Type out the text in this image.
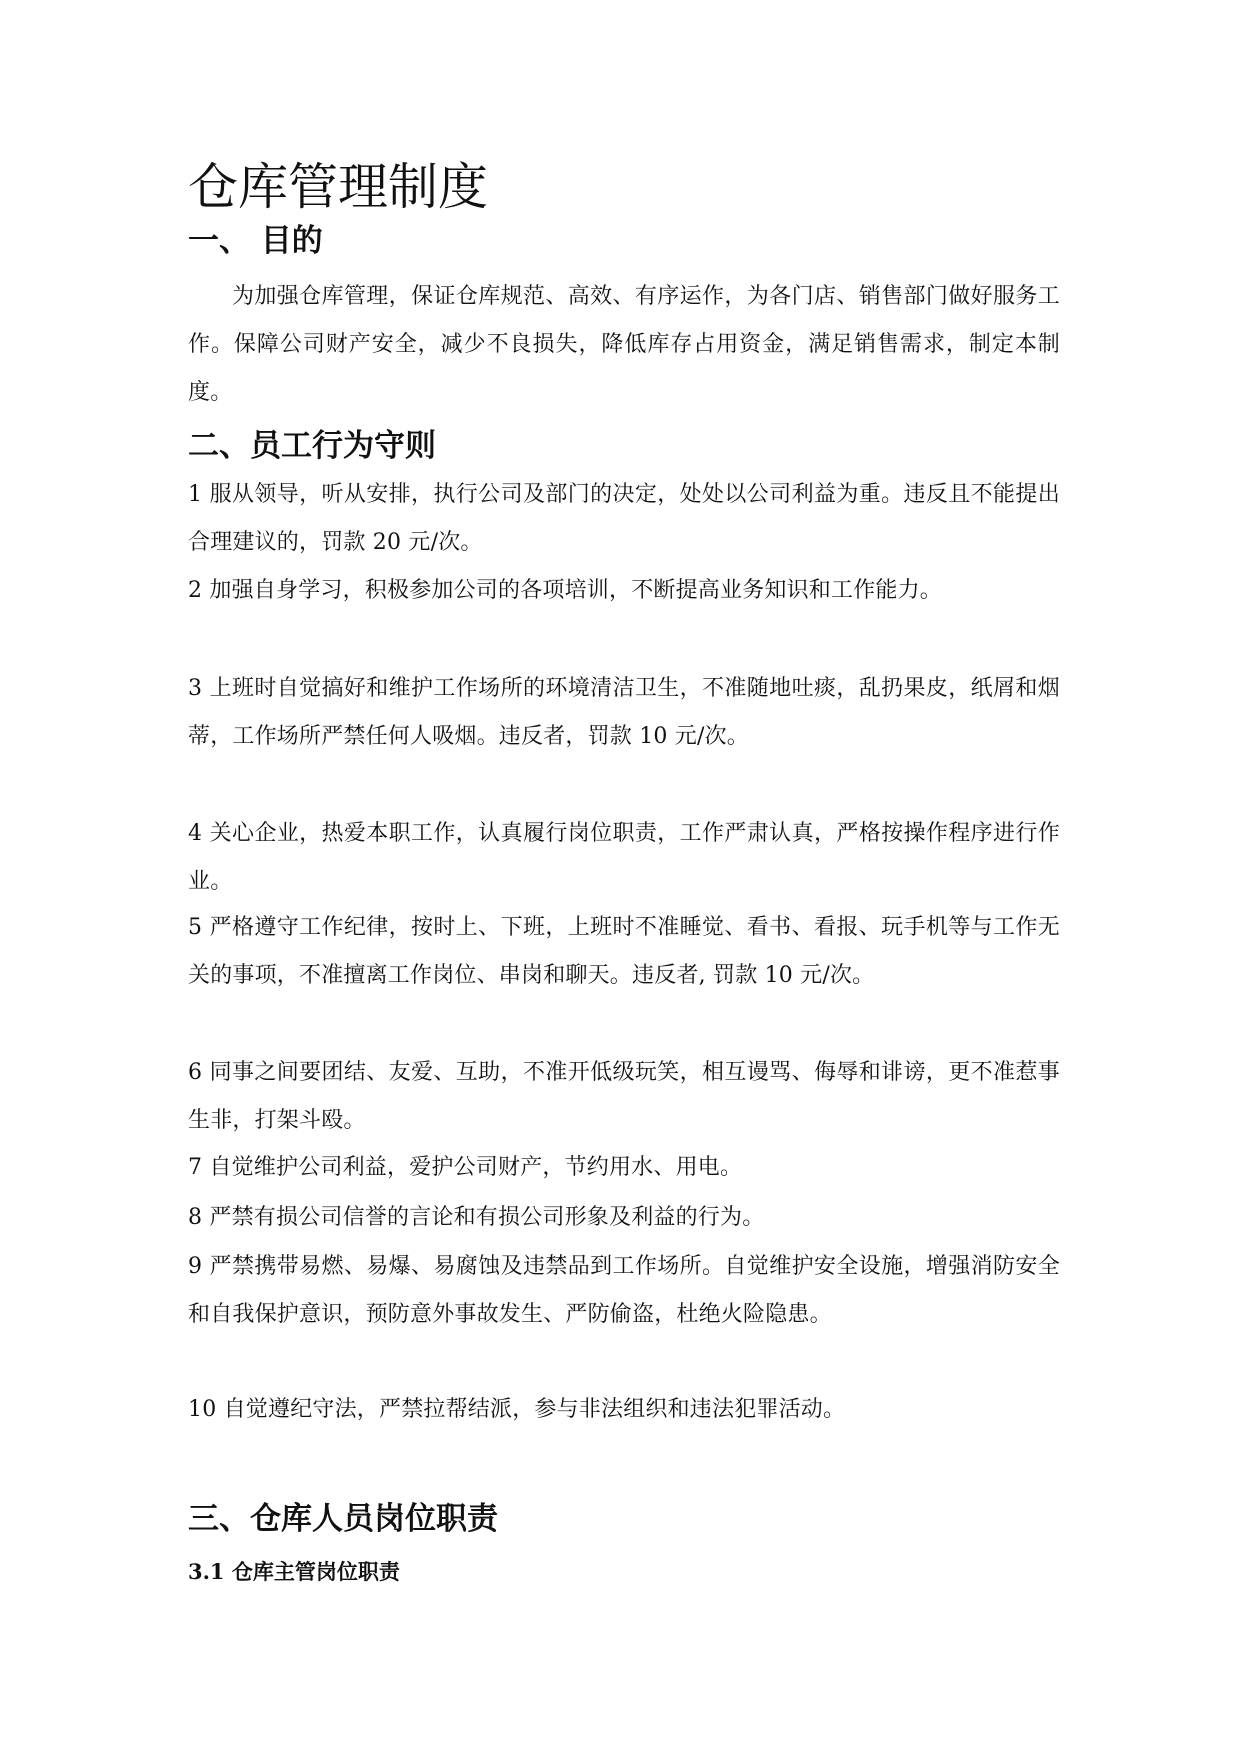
仓库管理制度
一、 目的

为加强仓库管理，保证仓库规范、高效、有序运作，为各门店、销售部门做好服务工作。保障公司财产安全，减少不良损失，降低库存占用资金，满足销售需求，制定本制度。

二、员工行为守则

1 服从领导，听从安排，执行公司及部门的决定，处处以公司利益为重。违反且不能提出合理建议的，罚款 20 元/次。

2 加强自身学习，积极参加公司的各项培训，不断提高业务知识和工作能力。

3 上班时自觉搞好和维护工作场所的环境清洁卫生，不准随地吐痰，乱扔果皮，纸屑和烟蒂，工作场所严禁任何人吸烟。违反者，罚款 10 元/次。

4 关心企业，热爱本职工作，认真履行岗位职责，工作严肃认真，严格按操作程序进行作业。

5 严格遵守工作纪律，按时上、下班，上班时不准睡觉、看书、看报、玩手机等与工作无关的事项，不准擅离工作岗位、串岗和聊天。违反者, 罚款 10 元/次。

6 同事之间要团结、友爱、互助，不准开低级玩笑，相互谩骂、侮辱和诽谤，更不准惹事生非，打架斗殴。

7 自觉维护公司利益，爱护公司财产，节约用水、用电。

8 严禁有损公司信誉的言论和有损公司形象及利益的行为。

9 严禁携带易燃、易爆、易腐蚀及违禁品到工作场所。自觉维护安全设施，增强消防安全和自我保护意识，预防意外事故发生、严防偷盗，杜绝火险隐患。

10 自觉遵纪守法，严禁拉帮结派，参与非法组织和违法犯罪活动。

三、仓库人员岗位职责
3.1 仓库主管岗位职责
